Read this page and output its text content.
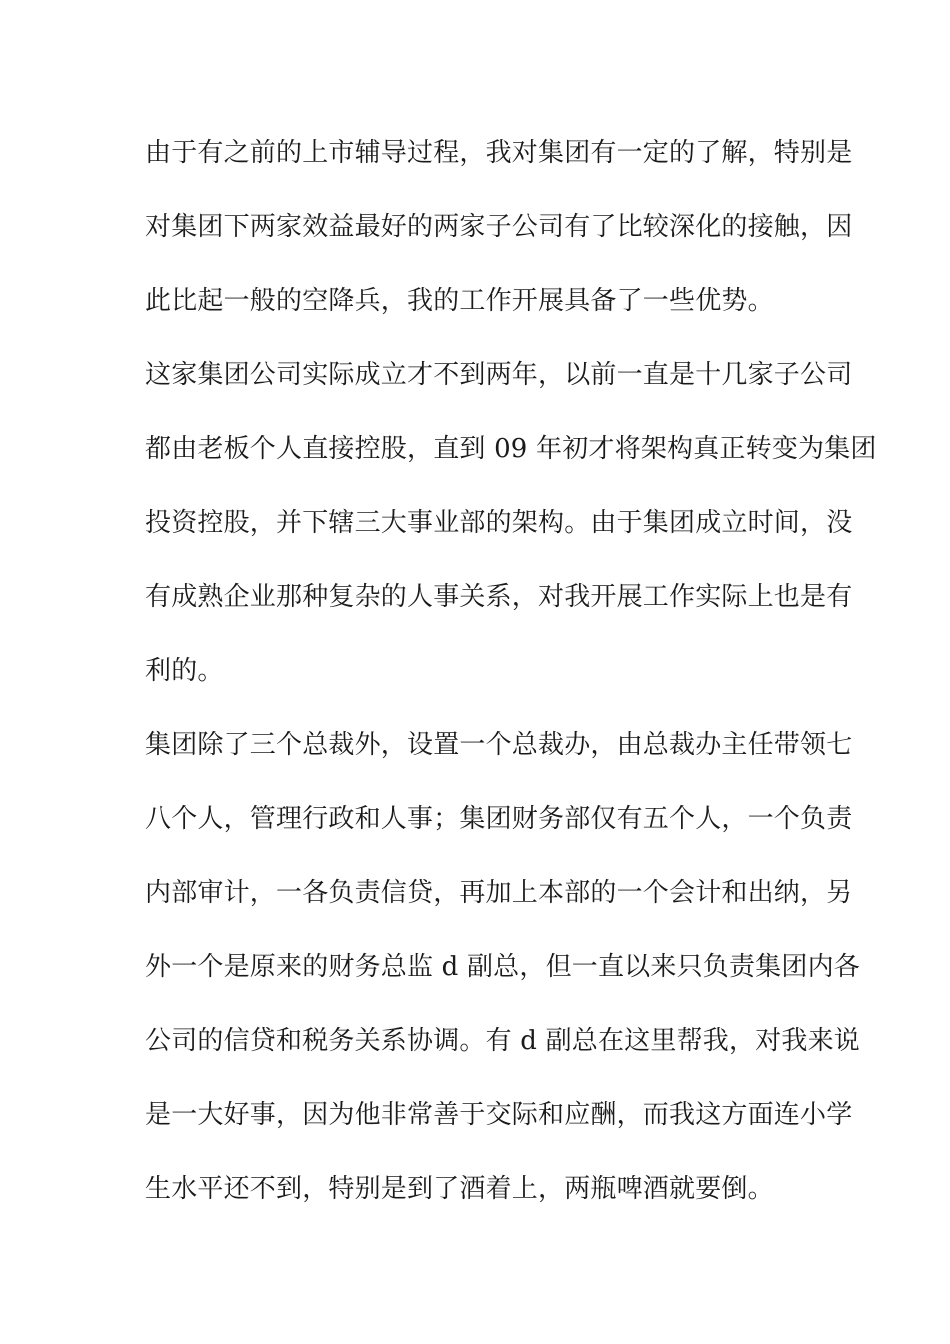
由于有之前的上市辅导过程，我对集团有一定的了解，特别是
对集团下两家效益最好的两家子公司有了比较深化的接触，因
此比起一般的空降兵，我的工作开展具备了一些优势。
这家集团公司实际成立才不到两年，以前一直是十几家子公司
都由老板个人直接控股，直到 09 年初才将架构真正转变为集团
投资控股，并下辖三大事业部的架构。由于集团成立时间，没
有成熟企业那种复杂的人事关系，对我开展工作实际上也是有
利的。
集团除了三个总裁外，设置一个总裁办，由总裁办主任带领七
八个人，管理行政和人事；集团财务部仅有五个人，一个负责
内部审计，一各负责信贷，再加上本部的一个会计和出纳，另
外一个是原来的财务总监 d 副总，但一直以来只负责集团内各
公司的信贷和税务关系协调。有 d 副总在这里帮我，对我来说
是一大好事，因为他非常善于交际和应酬，而我这方面连小学
生水平还不到，特别是到了酒着上，两瓶啤酒就要倒。
